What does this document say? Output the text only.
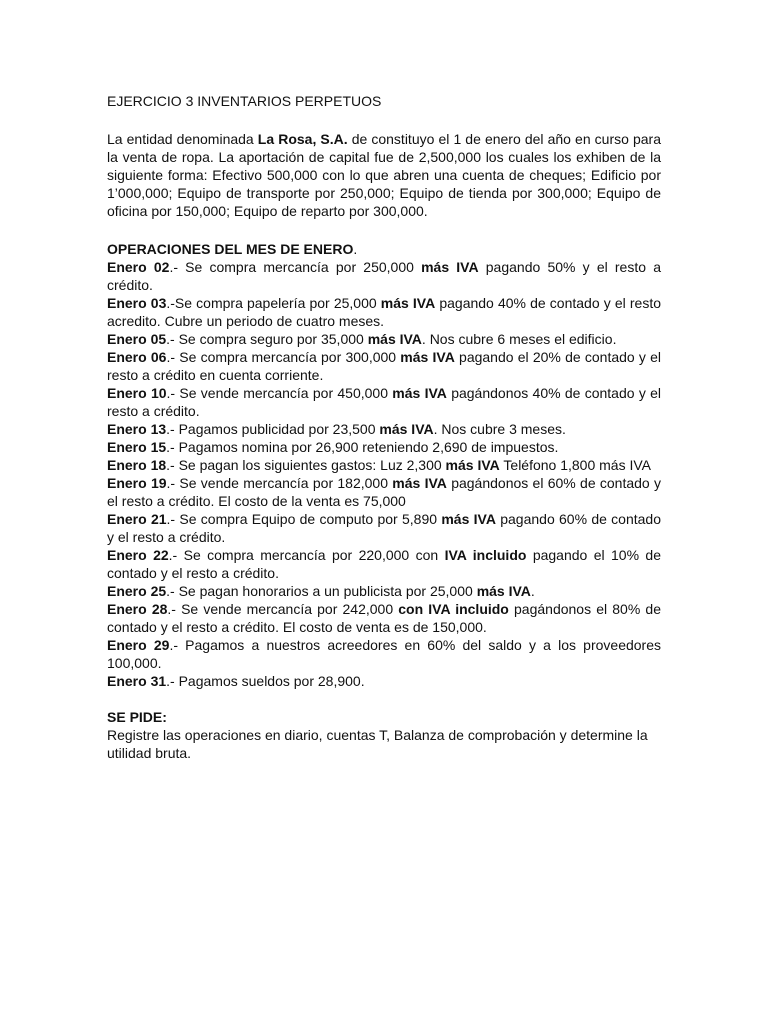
EJERCICIO 3 INVENTARIOS PERPETUOS

La entidad denominada La Rosa, S.A. de constituyo el 1 de enero del año en curso para la venta de ropa. La aportación de capital fue de 2,500,000 los cuales los exhiben de la siguiente forma: Efectivo 500,000 con lo que abren una cuenta de cheques; Edificio por 1’000,000; Equipo de transporte por 250,000; Equipo de tienda por 300,000; Equipo de oficina por 150,000; Equipo de reparto por 300,000.

OPERACIONES DEL MES DE ENERO.

Enero 02.- Se compra mercancía por 250,000 más IVA pagando 50% y el resto a crédito.

Enero 03.-Se compra papelería por 25,000 más IVA pagando 40% de contado y el resto acredito. Cubre un periodo de cuatro meses.

Enero 05.- Se compra seguro por 35,000 más IVA. Nos cubre 6 meses el edificio.

Enero 06.- Se compra mercancía por 300,000 más IVA pagando el 20% de contado y el resto a crédito en cuenta corriente.

Enero 10.- Se vende mercancía por 450,000 más IVA pagándonos 40% de contado y el resto a crédito.

Enero 13.- Pagamos publicidad por 23,500 más IVA. Nos cubre 3 meses.

Enero 15.- Pagamos nomina por 26,900 reteniendo 2,690 de impuestos.

Enero 18.- Se pagan los siguientes gastos: Luz 2,300 más IVA Teléfono 1,800 más IVA

Enero 19.- Se vende mercancía por 182,000 más IVA pagándonos el 60% de contado y el resto a crédito. El costo de la venta es 75,000

Enero 21.- Se compra Equipo de computo por 5,890 más IVA pagando 60% de contado y el resto a crédito.

Enero 22.- Se compra mercancía por 220,000 con IVA incluido pagando el 10% de contado y el resto a crédito.

Enero 25.- Se pagan honorarios a un publicista por 25,000 más IVA.

Enero 28.- Se vende mercancía por 242,000 con IVA incluido pagándonos el 80% de contado y el resto a crédito. El costo de venta es de 150,000.

Enero 29.- Pagamos a nuestros acreedores en 60% del saldo y a los proveedores 100,000.

Enero 31.- Pagamos sueldos por 28,900.

SE PIDE:

Registre las operaciones en diario, cuentas T, Balanza de comprobación y determine la utilidad bruta.
